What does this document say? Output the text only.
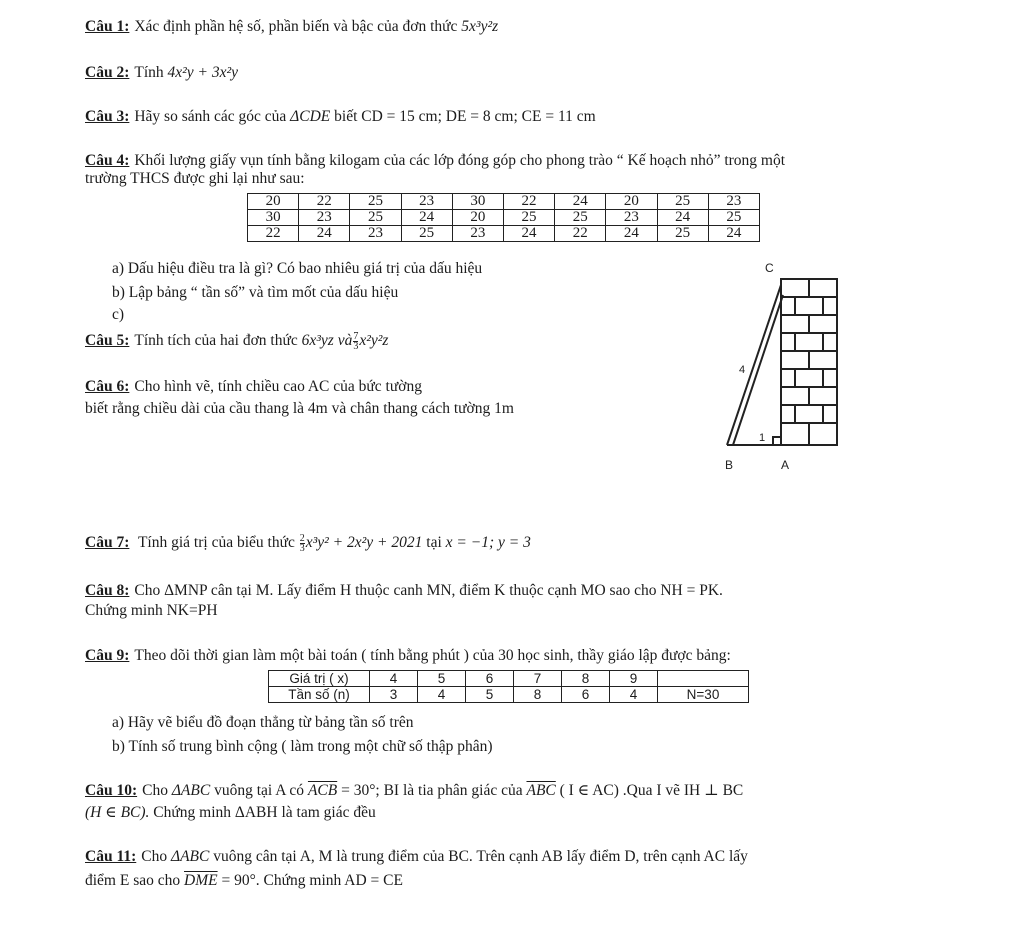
Câu 1: Xác định phần hệ số, phần biến và bậc của đơn thức 5x³y²z
Câu 2: Tính 4x²y + 3x²y
Câu 3: Hãy so sánh các góc của ΔCDE biết CD = 15 cm; DE = 8 cm; CE = 11 cm
Câu 4: Khối lượng giấy vụn tính bằng kilogam của các lớp đóng góp cho phong trào “ Kế hoạch nhỏ” trong một
trường THCS được ghi lại như sau:
20	22	25	23	30	22	24	20	25	23
30	23	25	24	20	25	25	23	24	25
22	24	23	25	23	24	22	24	25	24
a) Dấu hiệu điều tra là gì? Có bao nhiêu giá trị của dấu hiệu
b) Lập bảng “ tần số” và tìm mốt của dấu hiệu
c)
Câu 5: Tính tích của hai đơn thức 6x³yz và $\frac{7}{3} x^2y^2z$
Câu 6: Cho hình vẽ, tính chiều cao AC của bức tường
biết rằng chiều dài của cầu thang là 4m và chân thang cách tường 1m
C
4
1
B	A
Câu 7: Tính giá trị của biểu thức $\frac{2}{3} x^3y^2 + 2x^2y + 2021$ tại x = −1; y = 3
Câu 8: Cho ΔMNP cân tại M. Lấy điểm H thuộc canh MN, điểm K thuộc cạnh MO sao cho NH = PK.
Chứng minh NK=PH
Câu 9: Theo dõi thời gian làm một bài toán ( tính bằng phút ) của 30 học sinh, thầy giáo lập được bảng:
Giá trị ( x)	4	5	6	7	8	9	
Tần số (n)	3	4	5	8	6	4	N=30
a) Hãy vẽ biểu đồ đoạn thẳng từ bảng tần số trên
b) Tính số trung bình cộng ( làm trong một chữ số thập phân)
Câu 10: Cho ΔABC vuông tại A có $\overline{ACB} = 30^\circ$; BI là tia phân giác của $\overline{ABC}$ ( I ∈ AC) .Qua I vẽ IH ⊥ BC
(H ∈ BC). Chứng minh ΔABH là tam giác đều
Câu 11: Cho ΔABC vuông cân tại A, M là trung điểm của BC. Trên cạnh AB lấy điểm D, trên cạnh AC lấy
điểm E sao cho $\overline{DME} = 90^\circ$. Chứng minh AD = CE
